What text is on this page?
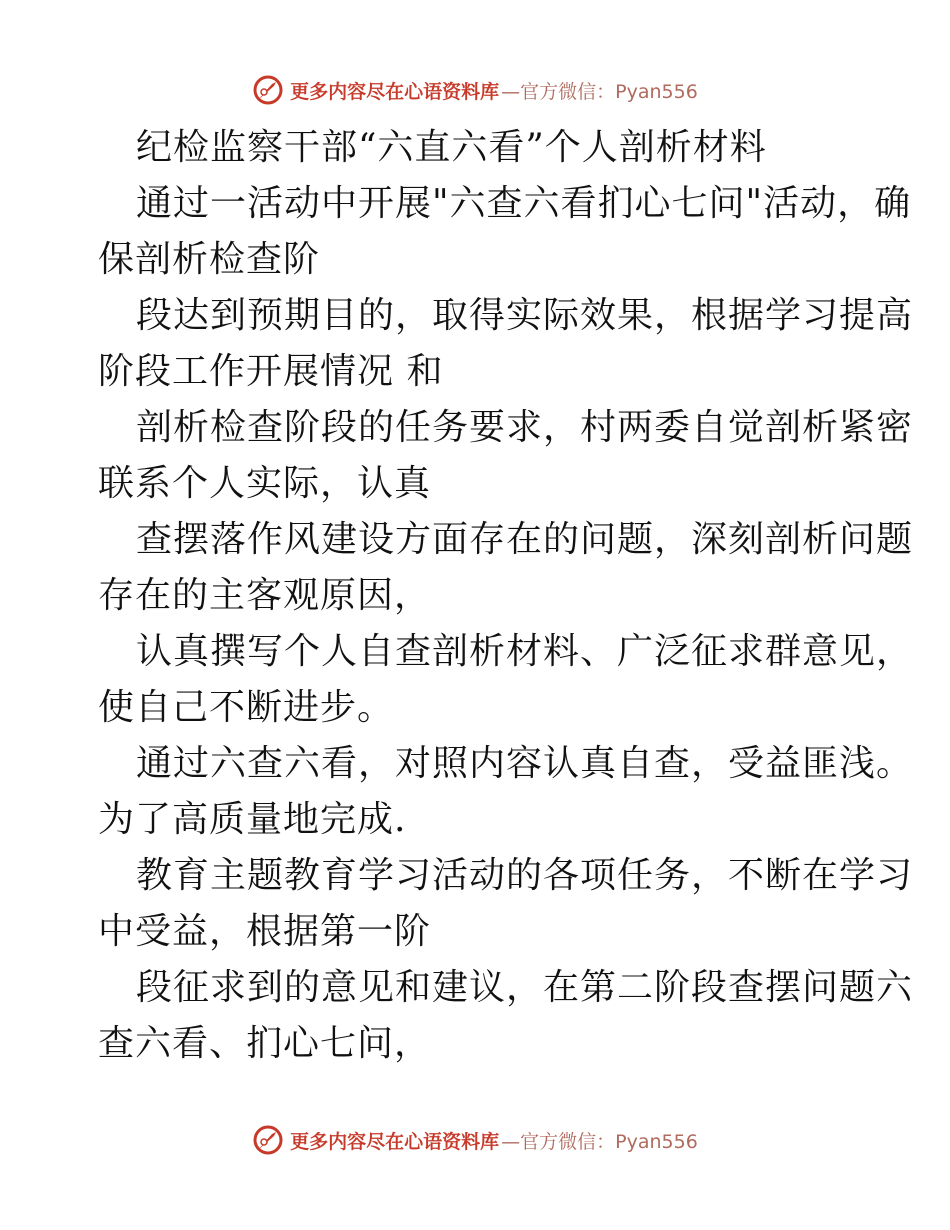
更多内容尽在心语资料库 —官方微信：Pyan556
纪检监察干部“六直六看”个人剖析材料
通过一活动中开展"六查六看扪心七问"活动，确
保剖析检查阶
段达到预期目的，取得实际效果，根据学习提高
阶段工作开展情况 和
剖析检查阶段的任务要求，村两委自觉剖析紧密
联系个人实际，认真
查摆落作风建设方面存在的问题，深刻剖析问题
存在的主客观原因，
认真撰写个人自查剖析材料、广泛征求群意见，
使自己不断进步。
通过六查六看，对照内容认真自查，受益匪浅。
为了高质量地完成.
教育主题教育学习活动的各项任务，不断在学习
中受益，根据第一阶
段征求到的意见和建议，在第二阶段查摆问题六
查六看、扪心七问，
更多内容尽在心语资料库 —官方微信：Pyan556
